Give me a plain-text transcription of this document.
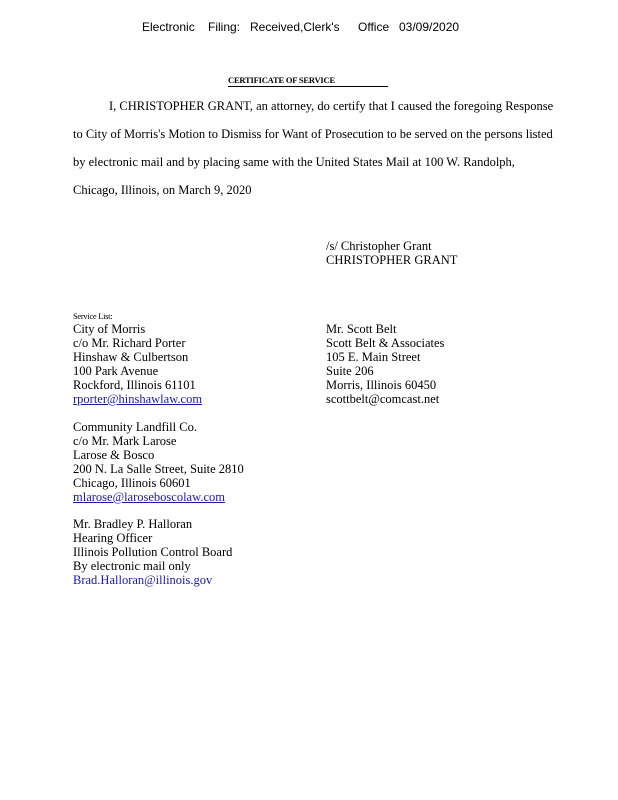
Electronic Filing: Received,Clerk's Office 03/09/2020
CERTIFICATE OF SERVICE
I, CHRISTOPHER GRANT, an attorney, do certify that I caused the foregoing Response
to City of Morris's Motion to Dismiss for Want of Prosecution to be served on the persons listed
by electronic mail and by placing same with the United States Mail at 100 W. Randolph,
Chicago, Illinois, on March 9, 2020
/s/ Christopher Grant
CHRISTOPHER GRANT
Service List:
City of Morris
c/o Mr. Richard Porter
Hinshaw & Culbertson
100 Park Avenue
Rockford, Illinois 61101
rporter@hinshawlaw.com
Community Landfill Co.
c/o Mr. Mark Larose
Larose & Bosco
200 N. La Salle Street, Suite 2810
Chicago, Illinois 60601
mlarose@laroseboscolaw.com
Mr. Bradley P. Halloran
Hearing Officer
Illinois Pollution Control Board
By electronic mail only
Brad.Halloran@illinois.gov
Mr. Scott Belt
Scott Belt & Associates
105 E. Main Street
Suite 206
Morris, Illinois 60450
scottbelt@comcast.net
